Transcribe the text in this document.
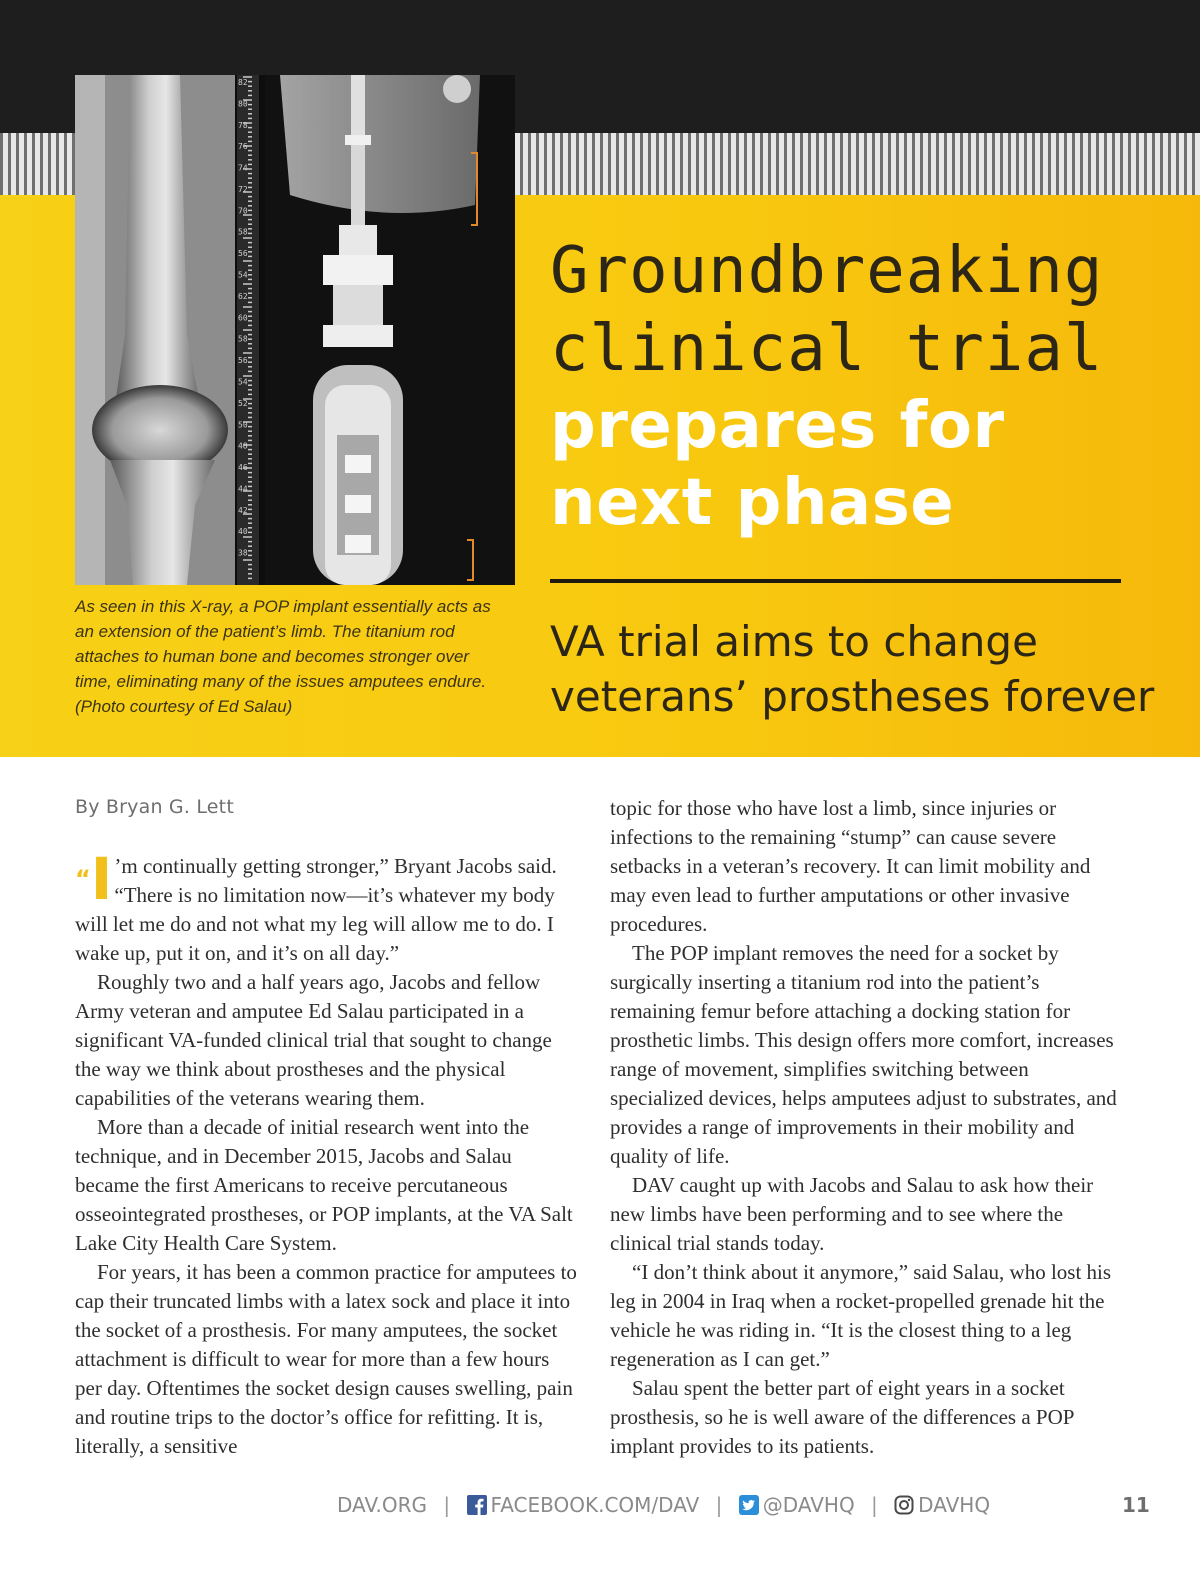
82
80
78
76
74
72
70
58
56
54
62
60
58
56
54
52
50
48
46
44
42
40
38
As seen in this X-ray, a POP implant essentially acts as an extension of the patient’s limb. The titanium rod attaches to human bone and becomes stronger over time, eliminating many of the issues amputees endure. (Photo courtesy of Ed Salau)
Groundbreaking
clinical trial
prepares for
next phase
VA trial aims to change
veterans’ prostheses forever
By Bryan G. Lett

“I ’m continually getting stronger,” Bryant Jacobs said. “There is no limitation now—it’s whatever my body will let me do and not what my leg will allow me to do. I wake up, put it on, and it’s on all day.”

Roughly two and a half years ago, Jacobs and fellow Army veteran and amputee Ed Salau participated in a significant VA-funded clinical trial that sought to change the way we think about prostheses and the physical capabilities of the veterans wearing them.

More than a decade of initial research went into the technique, and in December 2015, Jacobs and Salau became the first Americans to receive percutaneous osseointegrated prostheses, or POP implants, at the VA Salt Lake City Health Care System.

For years, it has been a common practice for amputees to cap their truncated limbs with a latex sock and place it into the socket of a prosthesis. For many amputees, the socket attachment is difficult to wear for more than a few hours per day. Oftentimes the socket design causes swelling, pain and routine trips to the doctor’s office for refitting. It is, literally, a sensitive

topic for those who have lost a limb, since injuries or infections to the remaining “stump” can cause severe setbacks in a veteran’s recovery. It can limit mobility and may even lead to further amputations or other invasive procedures.

The POP implant removes the need for a socket by surgically inserting a titanium rod into the patient’s remaining femur before attaching a docking station for prosthetic limbs. This design offers more comfort, increases range of movement, simplifies switching between specialized devices, helps amputees adjust to substrates, and provides a range of improvements in their mobility and quality of life.

DAV caught up with Jacobs and Salau to ask how their new limbs have been performing and to see where the clinical trial stands today.

“I don’t think about it anymore,” said Salau, who lost his leg in 2004 in Iraq when a rocket-propelled grenade hit the vehicle he was riding in. “It is the closest thing to a leg regeneration as I can get.”

Salau spent the better part of eight years in a socket prosthesis, so he is well aware of the differences a POP implant provides to its patients.

DAV.ORG | FACEBOOK.COM/DAV | @DAVHQ | DAVHQ	11
